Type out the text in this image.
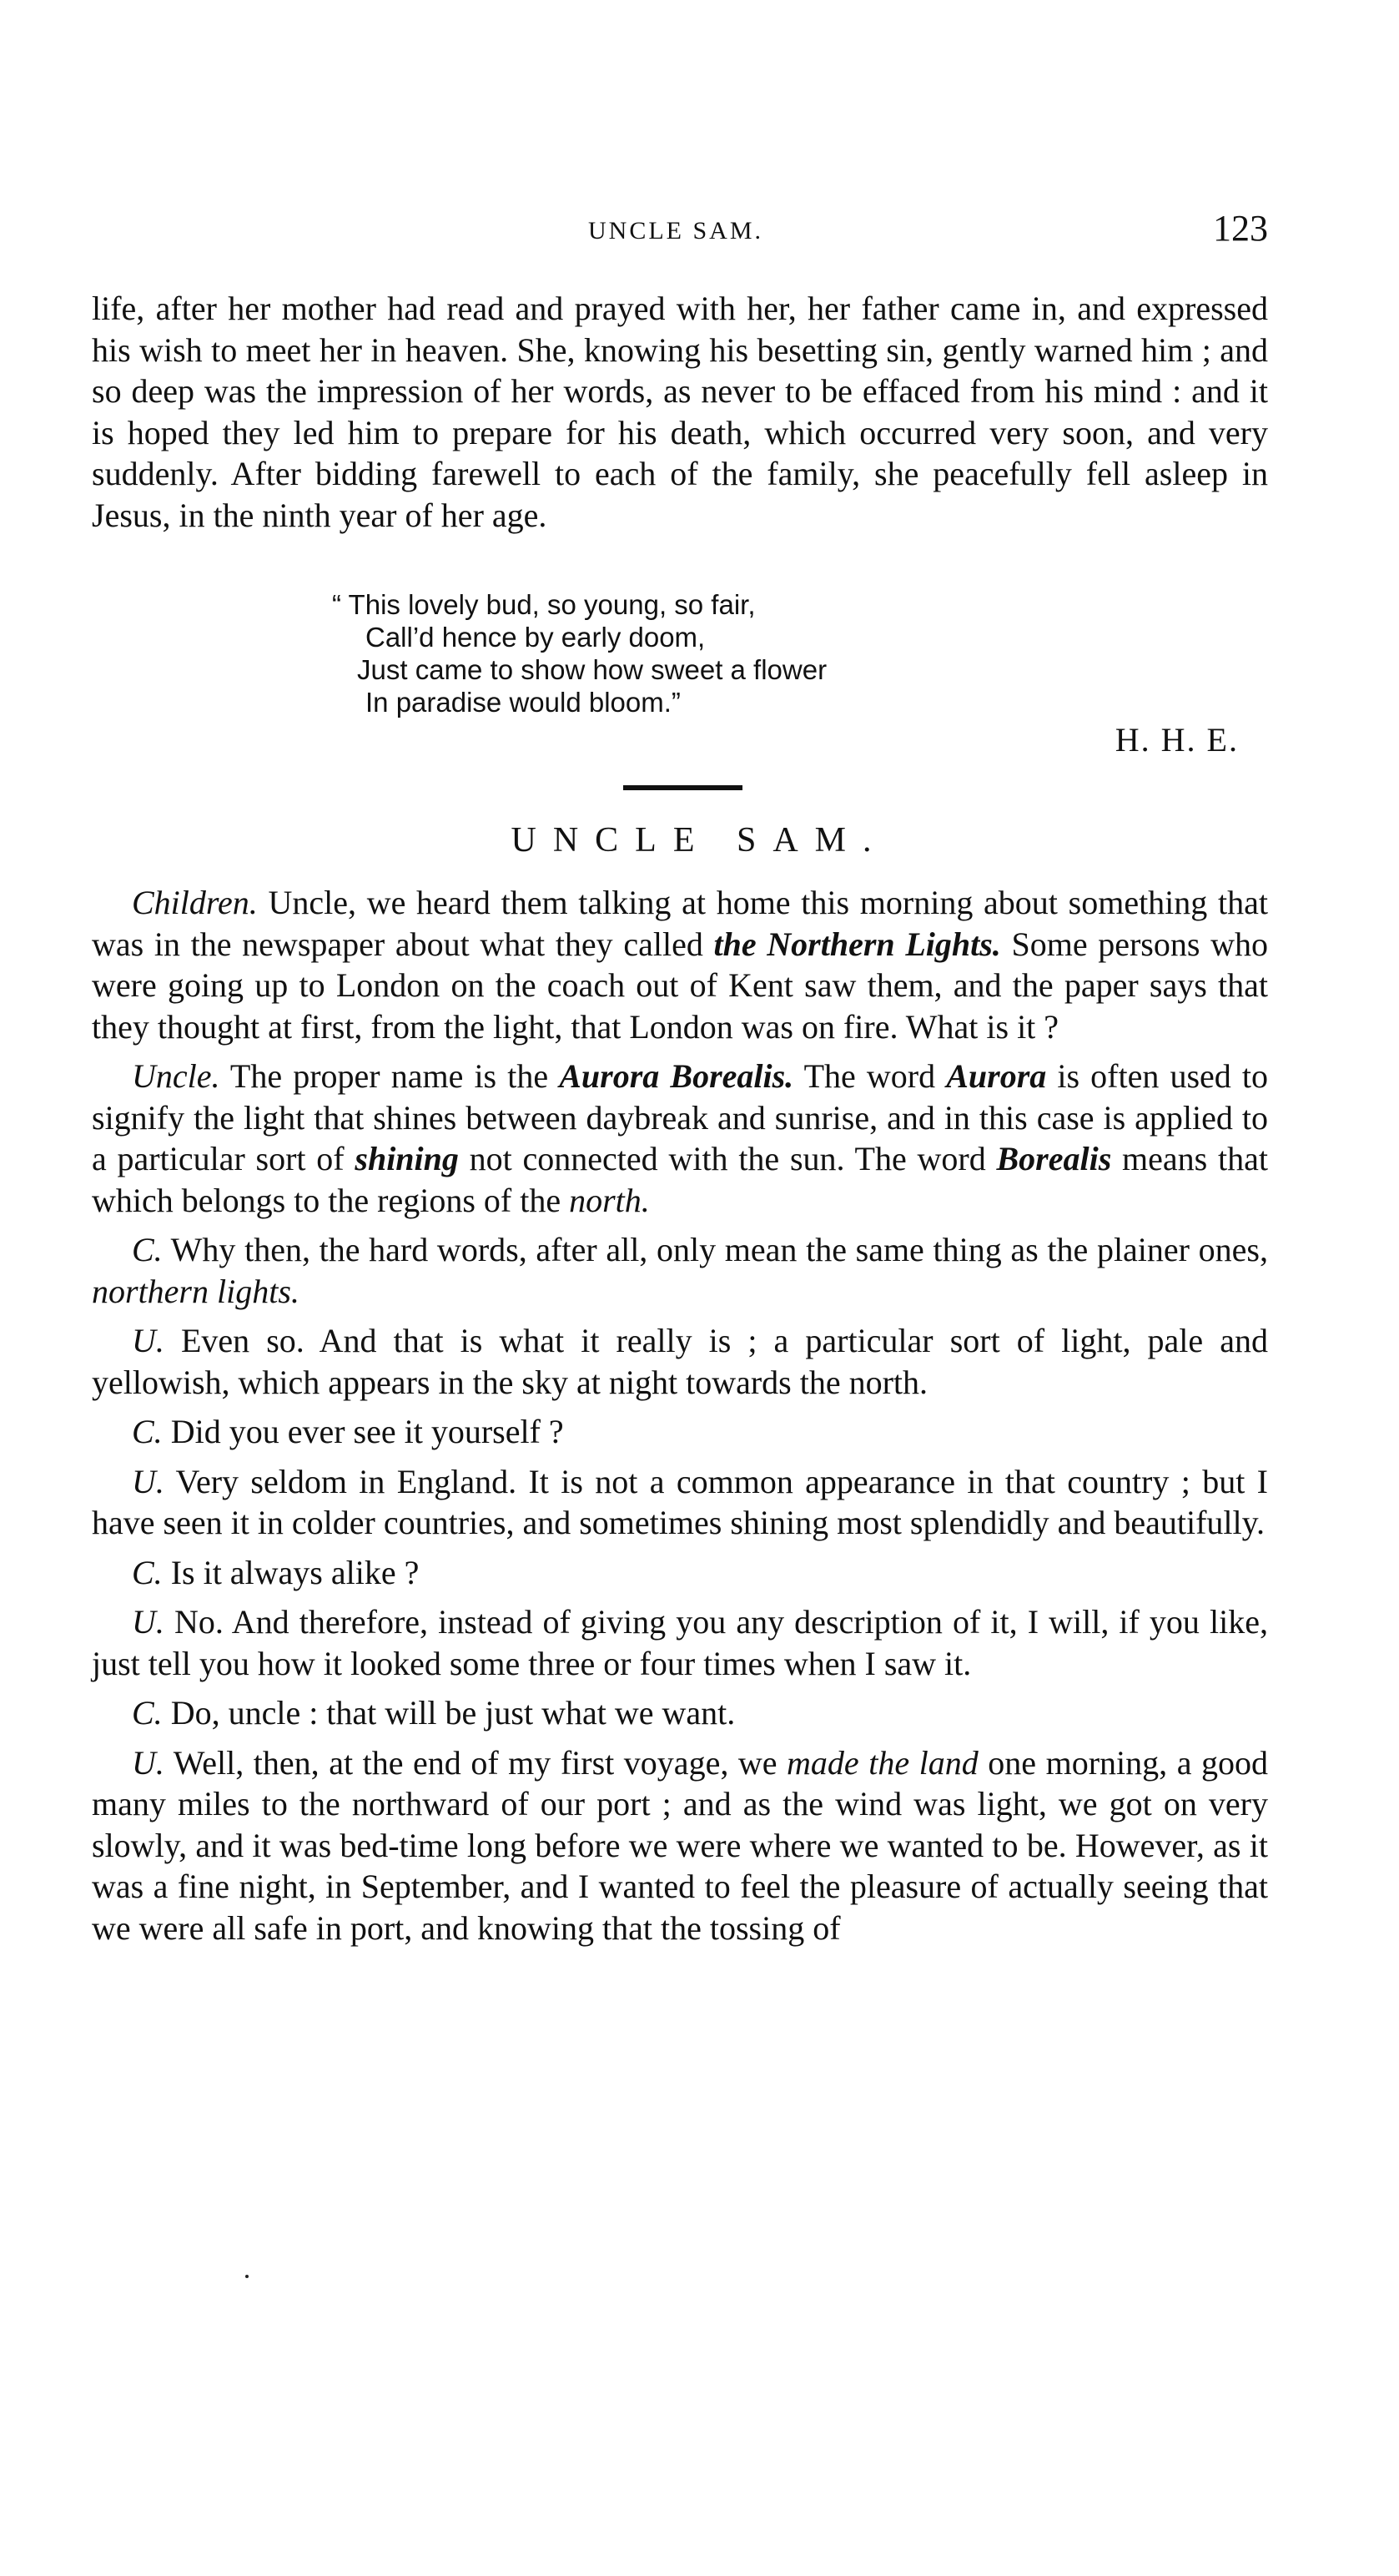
UNCLE SAM.	123

life, after her mother had read and prayed with her, her father came in, and expressed his wish to meet her in heaven. She, knowing his besetting sin, gently warned him ; and so deep was the impression of her words, as never to be effaced from his mind : and it is hoped they led him to prepare for his death, which occurred very soon, and very suddenly. After bidding farewell to each of the family, she peacefully fell asleep in Jesus, in the ninth year of her age.

“ This lovely bud, so young, so fair,
Call’d hence by early doom,
Just came to show how sweet a flower
In paradise would bloom.”
H. H. E.
UNCLE SAM.

Children. Uncle, we heard them talking at home this morning about something that was in the newspaper about what they called the Northern Lights. Some persons who were going up to London on the coach out of Kent saw them, and the paper says that they thought at first, from the light, that London was on fire. What is it ?

Uncle. The proper name is the Aurora Borealis. The word Aurora is often used to signify the light that shines between daybreak and sunrise, and in this case is applied to a particular sort of shining not connected with the sun. The word Borealis means that which belongs to the regions of the north.

C. Why then, the hard words, after all, only mean the same thing as the plainer ones, northern lights.

U. Even so. And that is what it really is ; a particular sort of light, pale and yellowish, which appears in the sky at night towards the north.

C. Did you ever see it yourself ?

U. Very seldom in England. It is not a common appearance in that country ; but I have seen it in colder countries, and sometimes shining most splendidly and beautifully.

C. Is it always alike ?

U. No. And therefore, instead of giving you any description of it, I will, if you like, just tell you how it looked some three or four times when I saw it.

C. Do, uncle : that will be just what we want.

U. Well, then, at the end of my first voyage, we made the land one morning, a good many miles to the northward of our port ; and as the wind was light, we got on very slowly, and it was bed-time long before we were where we wanted to be. However, as it was a fine night, in September, and I wanted to feel the pleasure of actually seeing that we were all safe in port, and knowing that the tossing of
